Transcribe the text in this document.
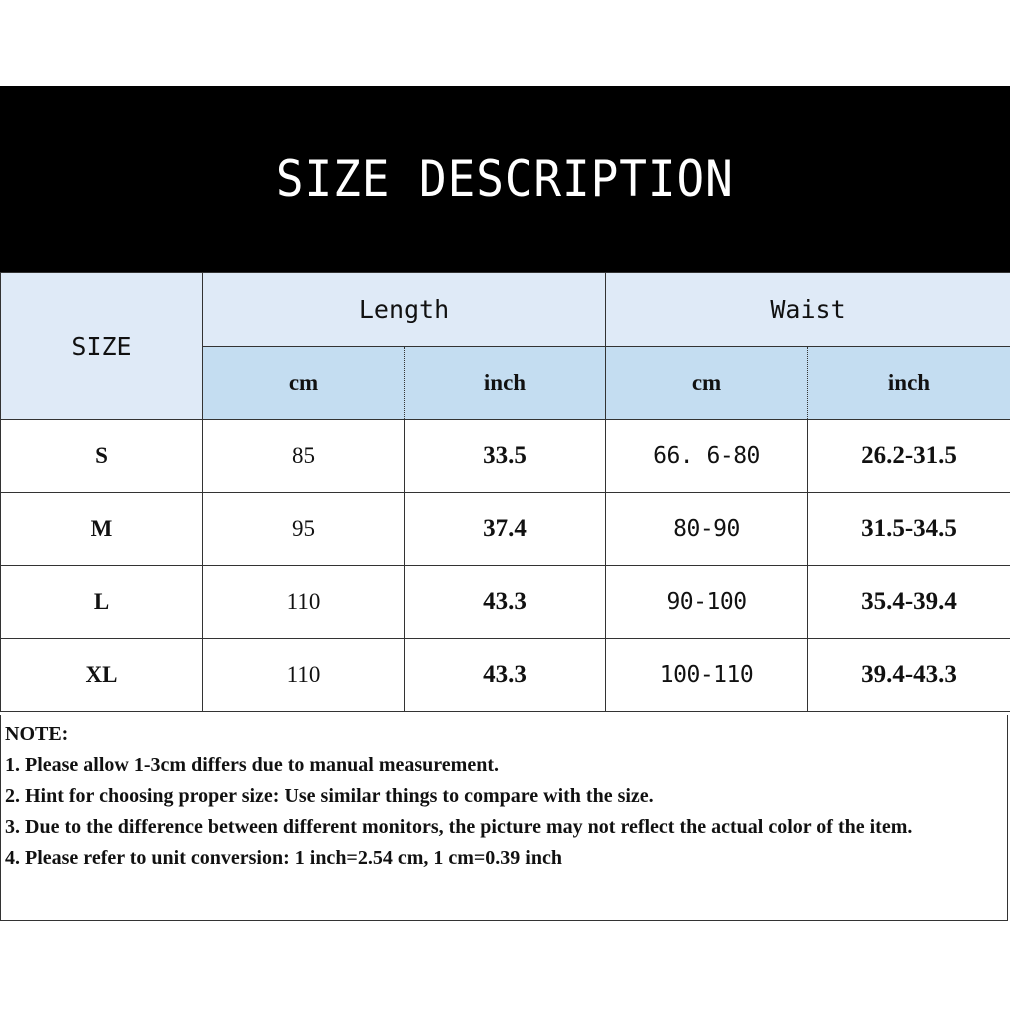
SIZE DESCRIPTION
SIZE	Length		Waist	
	cm	inch	cm	inch
S	85	33.5	66. 6-80	26.2-31.5
M	95	37.4	80-90	31.5-34.5
L	110	43.3	90-100	35.4-39.4
XL	110	43.3	100-110	39.4-43.3
NOTE:
1. Please allow 1-3cm differs due to manual measurement.
2. Hint for choosing proper size: Use similar things to compare with the size.
3. Due to the difference between different monitors, the picture may not reflect the actual color of the item.
4. Please refer to unit conversion: 1 inch=2.54 cm, 1 cm=0.39 inch
